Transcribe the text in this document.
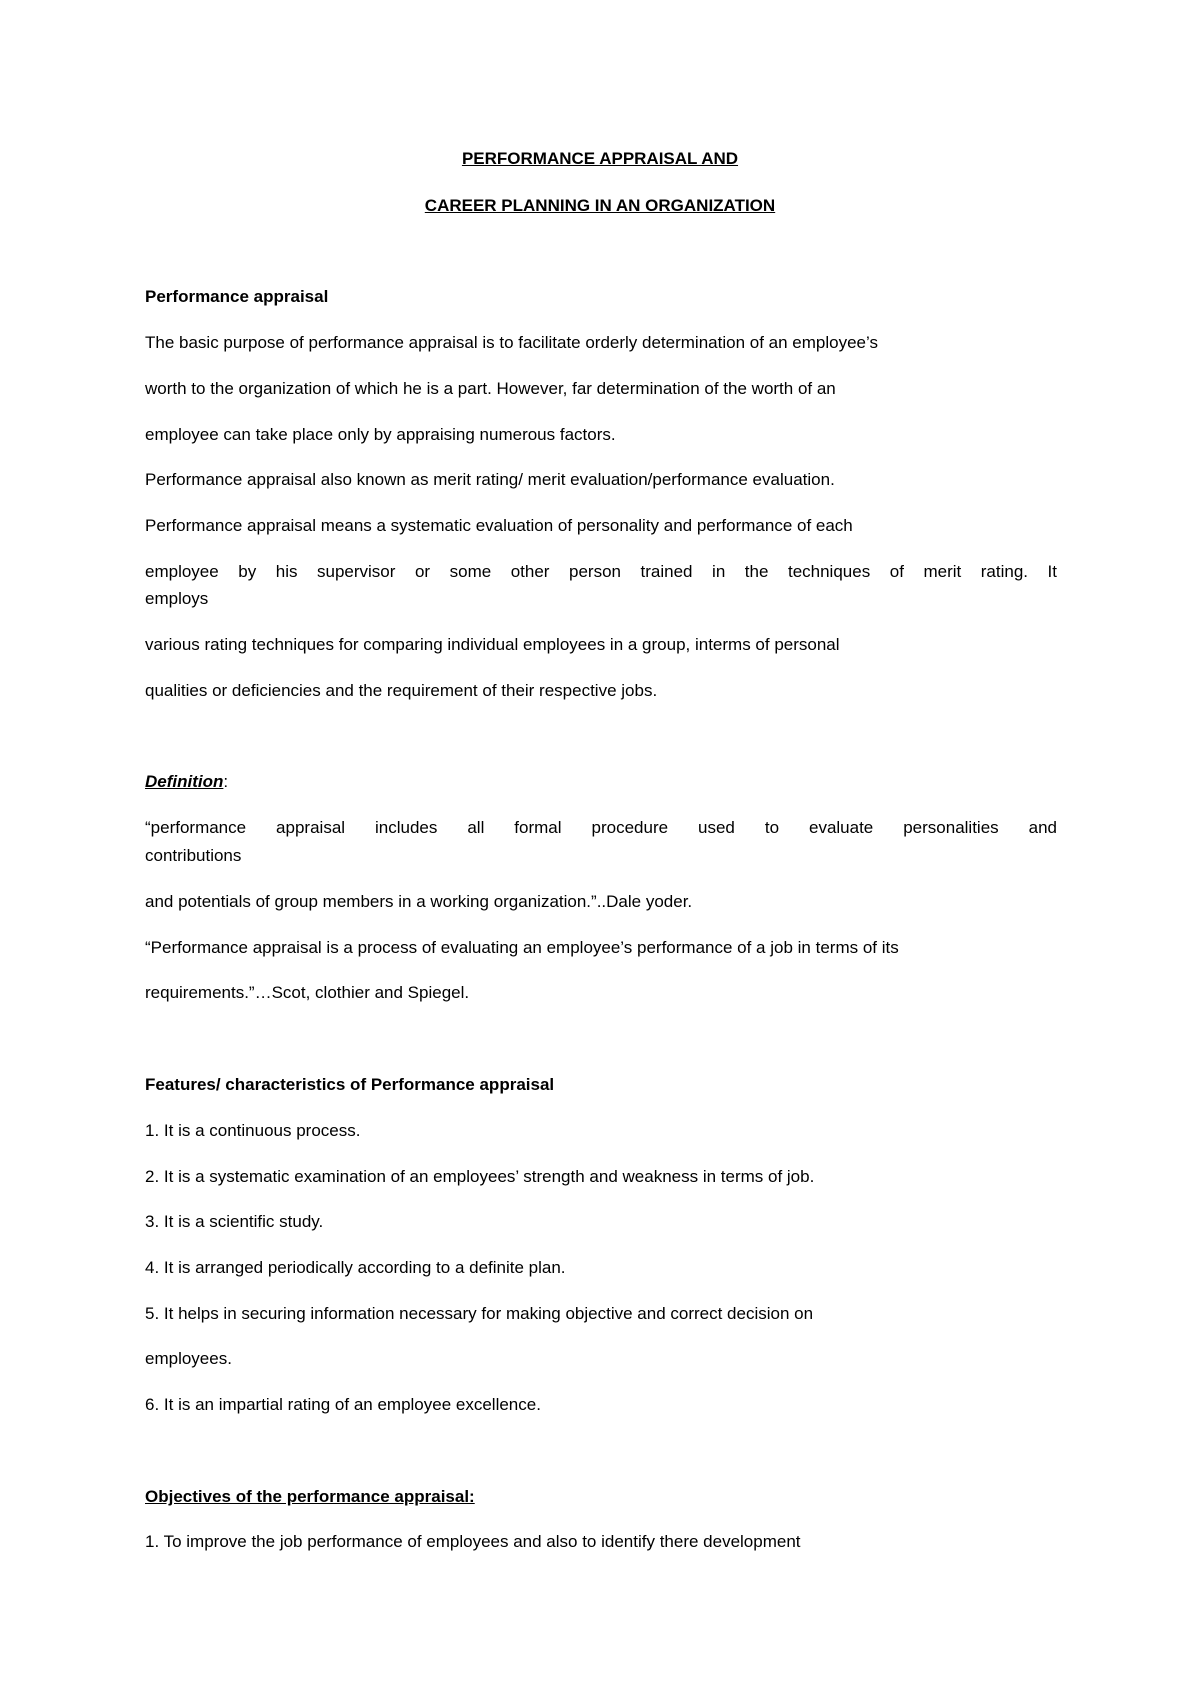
PERFORMANCE APPRAISAL AND
CAREER PLANNING IN AN ORGANIZATION
Performance appraisal
The basic purpose of performance appraisal is to facilitate orderly determination of an employee’s
worth to the organization of which he is a part. However, far determination of the worth of an
employee can take place only by appraising numerous factors.
Performance appraisal also known as merit rating/ merit evaluation/performance evaluation.
Performance appraisal means a systematic evaluation of personality and performance of each
employee by his supervisor or some other person trained in the techniques of merit rating. It
employs
various rating techniques for comparing individual employees in a group, interms of personal
qualities or deficiencies and the requirement of their respective jobs.
Definition:
“performance appraisal includes all formal procedure used to evaluate personalities and
contributions
and potentials of group members in a working organization.”..Dale yoder.
“Performance appraisal is a process of evaluating an employee’s performance of a job in terms of its
requirements.”…Scot, clothier and Spiegel.
Features/ characteristics of Performance appraisal
1. It is a continuous process.
2. It is a systematic examination of an employees’ strength and weakness in terms of job.
3. It is a scientific study.
4. It is arranged periodically according to a definite plan.
5. It helps in securing information necessary for making objective and correct decision on
employees.
6. It is an impartial rating of an employee excellence.
Objectives of the performance appraisal:
1. To improve the job performance of employees and also to identify there development
